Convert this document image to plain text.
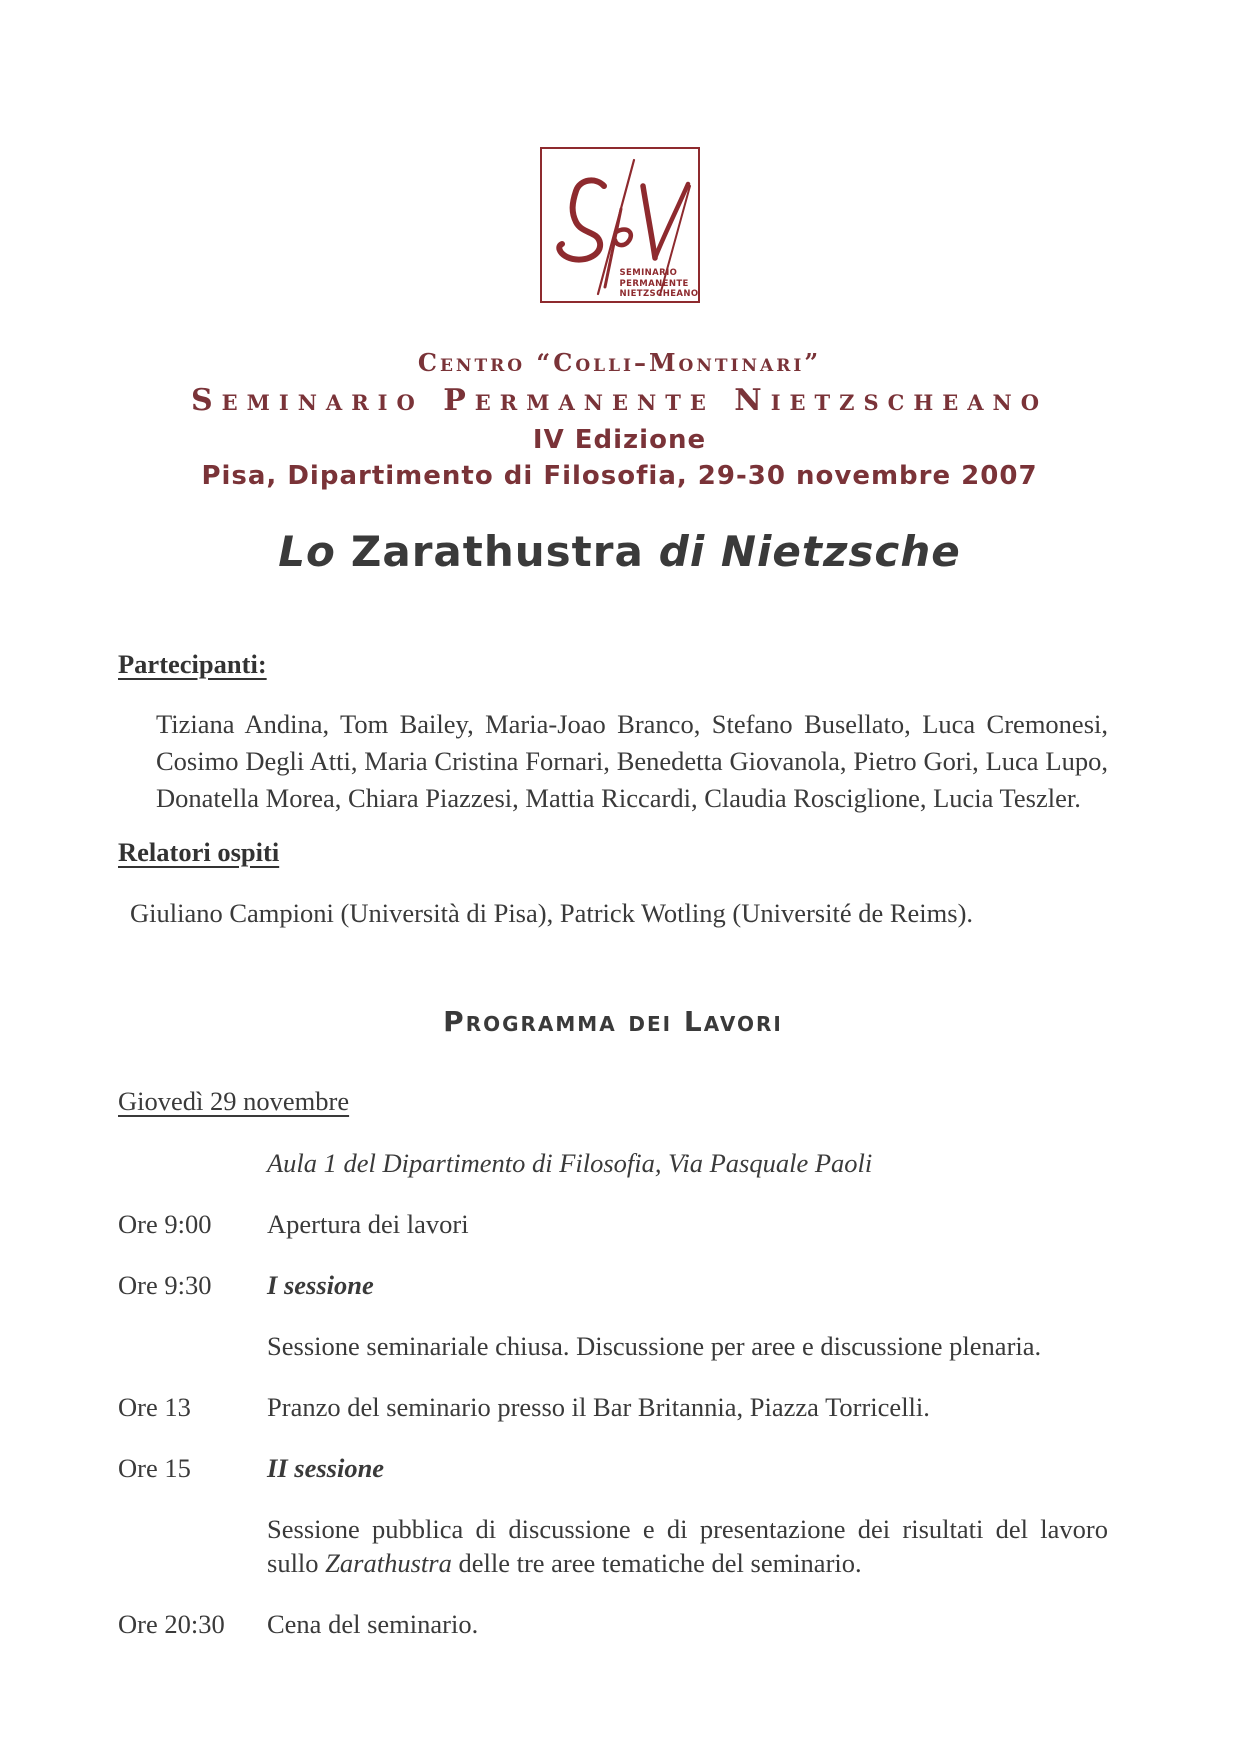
SEMINARIO
PERMANENTE
NIETZSCHEANO
Centro “Colli–Montinari”
Seminario Permanente Nietzscheano
IV Edizione
Pisa, Dipartimento di Filosofia, 29-30 novembre 2007
Lo Zarathustra di Nietzsche
Partecipanti:

Tiziana Andina, Tom Bailey, Maria-Joao Branco, Stefano Busellato, Luca Cremonesi, Cosimo Degli Atti, Maria Cristina Fornari, Benedetta Giovanola, Pietro Gori, Luca Lupo, Donatella Morea, Chiara Piazzesi, Mattia Riccardi, Claudia Rosciglione, Lucia Teszler.

Relatori ospiti

Giuliano Campioni (Università di Pisa), Patrick Wotling (Université de Reims).

Programma dei Lavori
Giovedì 29 novembre
Aula 1 del Dipartimento di Filosofia, Via Pasquale Paoli
Ore 9:00	Apertura dei lavori
Ore 9:30	I sessione
Sessione seminariale chiusa. Discussione per aree e discussione plenaria.
Ore 13	Pranzo del seminario presso il Bar Britannia, Piazza Torricelli.
Ore 15	II sessione
Sessione pubblica di discussione e di presentazione dei risultati del lavoro sullo Zarathustra delle tre aree tematiche del seminario.
Ore 20:30	Cena del seminario.
